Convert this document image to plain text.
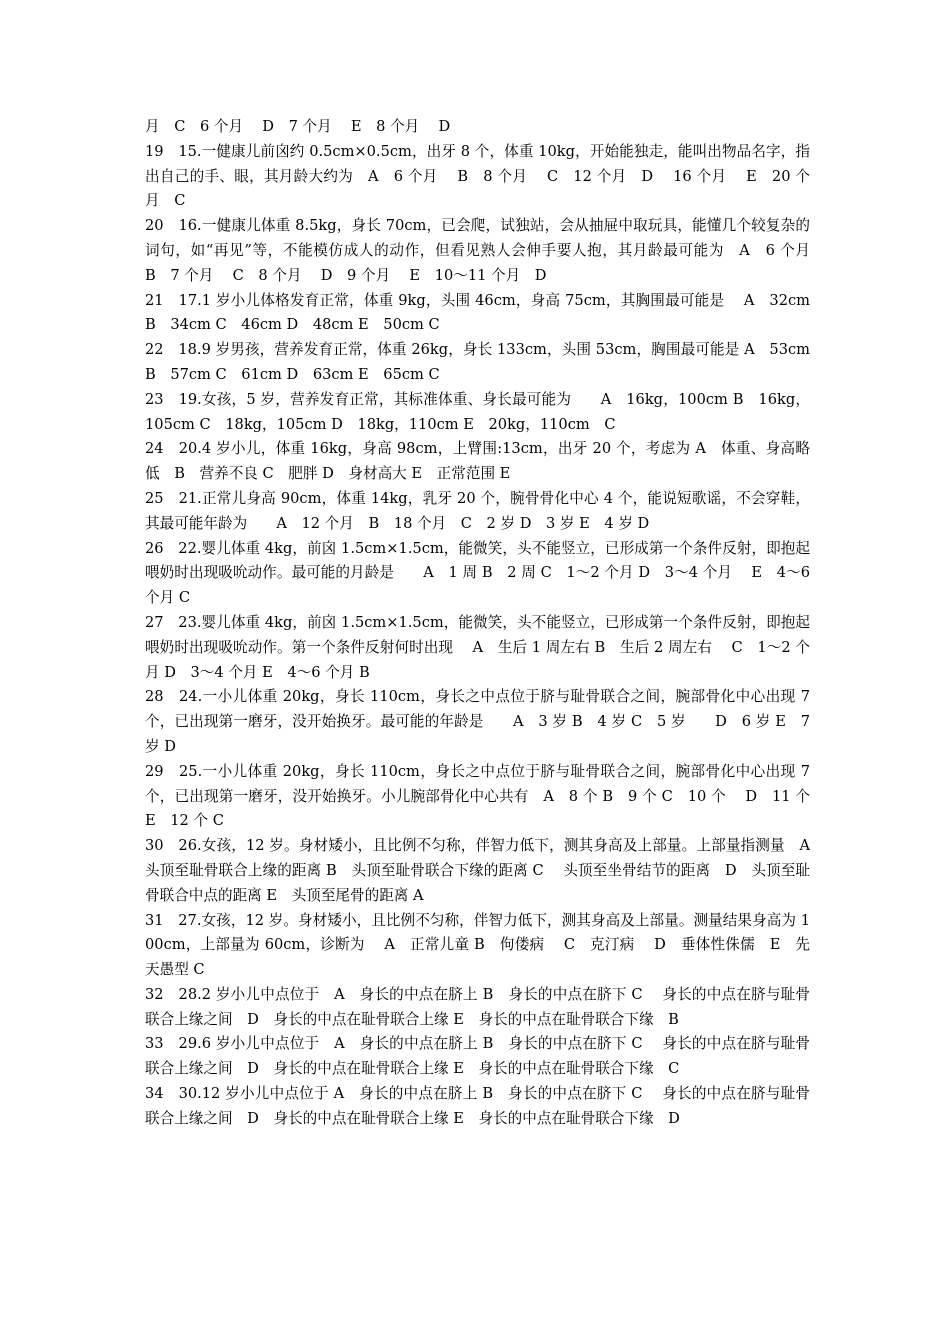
月　C　6 个月　 D　7 个月　 E　8 个月　 D

19　15.一健康儿前囟约 0.5cm×0.5cm，出牙 8 个，体重 10kg，开始能独走，能叫出物品名字，指出自己的手、眼，其月龄大约为　A　6 个月　 B　8 个月　 C　12 个月　D　 16 个月　 E　20 个月　C

20　16.一健康儿体重 8.5kg，身长 70cm，已会爬，试独站，会从抽屉中取玩具，能懂几个较复杂的词句，如“再见”等，不能模仿成人的动作，但看见熟人会伸手要人抱，其月龄最可能为　A　6 个月　 B　7 个月　 C　8 个月　 D　9 个月　 E　10～11 个月　D

21　17.1 岁小儿体格发育正常，体重 9kg，头围 46cm，身高 75cm，其胸围最可能是　 A　32cm　 B　34cm C　46cm D　48cm E　50cm C

22　18.9 岁男孩，营养发育正常，体重 26kg，身长 133cm，头围 53cm，胸围最可能是 A　53cm　 B　57cm C　61cm D　63cm E　65cm C

23　19.女孩，5 岁，营养发育正常，其标准体重、身长最可能为　　A　16kg，100cm B　16kg，105cm C　18kg，105cm D　18kg，110cm E　20kg，110cm　C

24　20.4 岁小儿，体重 16kg，身高 98cm，上臂围:13cm，出牙 20 个，考虑为 A　体重、身高略低　B　营养不良 C　肥胖 D　身材高大 E　正常范围 E

25　21.正常儿身高 90cm，体重 14kg，乳牙 20 个，腕骨骨化中心 4 个，能说短歌谣，不会穿鞋，其最可能年龄为　　A　12 个月　B　18 个月　C　2 岁 D　3 岁 E　4 岁 D

26　22.婴儿体重 4kg，前囟 1.5cm×1.5cm，能微笑，头不能竖立，已形成第一个条件反射，即抱起喂奶时出现吸吮动作。最可能的月龄是　　A　1 周 B　2 周 C　1～2 个月 D　3～4 个月　 E　4～6 个月 C

27　23.婴儿体重 4kg，前囟 1.5cm×1.5cm，能微笑，头不能竖立，已形成第一个条件反射，即抱起喂奶时出现吸吮动作。第一个条件反射何时出现　 A　生后 1 周左右 B　生后 2 周左右　 C　1～2 个月 D　3～4 个月 E　4～6 个月 B

28　24.一小儿体重 20kg，身长 110cm，身长之中点位于脐与耻骨联合之间，腕部骨化中心出现 7 个，已出现第一磨牙，没开始换牙。最可能的年龄是　　A　3 岁 B　4 岁 C　5 岁　　D　6 岁 E　7 岁 D

29　25.一小儿体重 20kg，身长 110cm，身长之中点位于脐与耻骨联合之间，腕部骨化中心出现 7 个，已出现第一磨牙，没开始换牙。小儿腕部骨化中心共有　A　8 个 B　9 个 C　10 个　 D　11 个 E　12 个 C

30　26.女孩，12 岁。身材矮小，且比例不匀称，伴智力低下，测其身高及上部量。上部量指测量　A　头顶至耻骨联合上缘的距离 B　头顶至耻骨联合下缘的距离 C　 头顶至坐骨结节的距离　D　头顶至耻骨联合中点的距离 E　头顶至尾骨的距离 A

31　27.女孩，12 岁。身材矮小，且比例不匀称，伴智力低下，测其身高及上部量。测量结果身高为 100cm，上部量为 60cm，诊断为　 A　正常儿童 B　佝偻病　 C　克汀病　 D　垂体性侏儒　E　先天愚型 C

32　28.2 岁小儿中点位于　A　身长的中点在脐上 B　身长的中点在脐下 C　 身长的中点在脐与耻骨联合上缘之间　D　身长的中点在耻骨联合上缘 E　身长的中点在耻骨联合下缘　B

33　29.6 岁小儿中点位于　A　身长的中点在脐上 B　身长的中点在脐下 C　 身长的中点在脐与耻骨联合上缘之间　D　身长的中点在耻骨联合上缘 E　身长的中点在耻骨联合下缘　C

34　30.12 岁小儿中点位于 A　身长的中点在脐上 B　身长的中点在脐下 C　 身长的中点在脐与耻骨联合上缘之间　D　身长的中点在耻骨联合上缘 E　身长的中点在耻骨联合下缘　D
